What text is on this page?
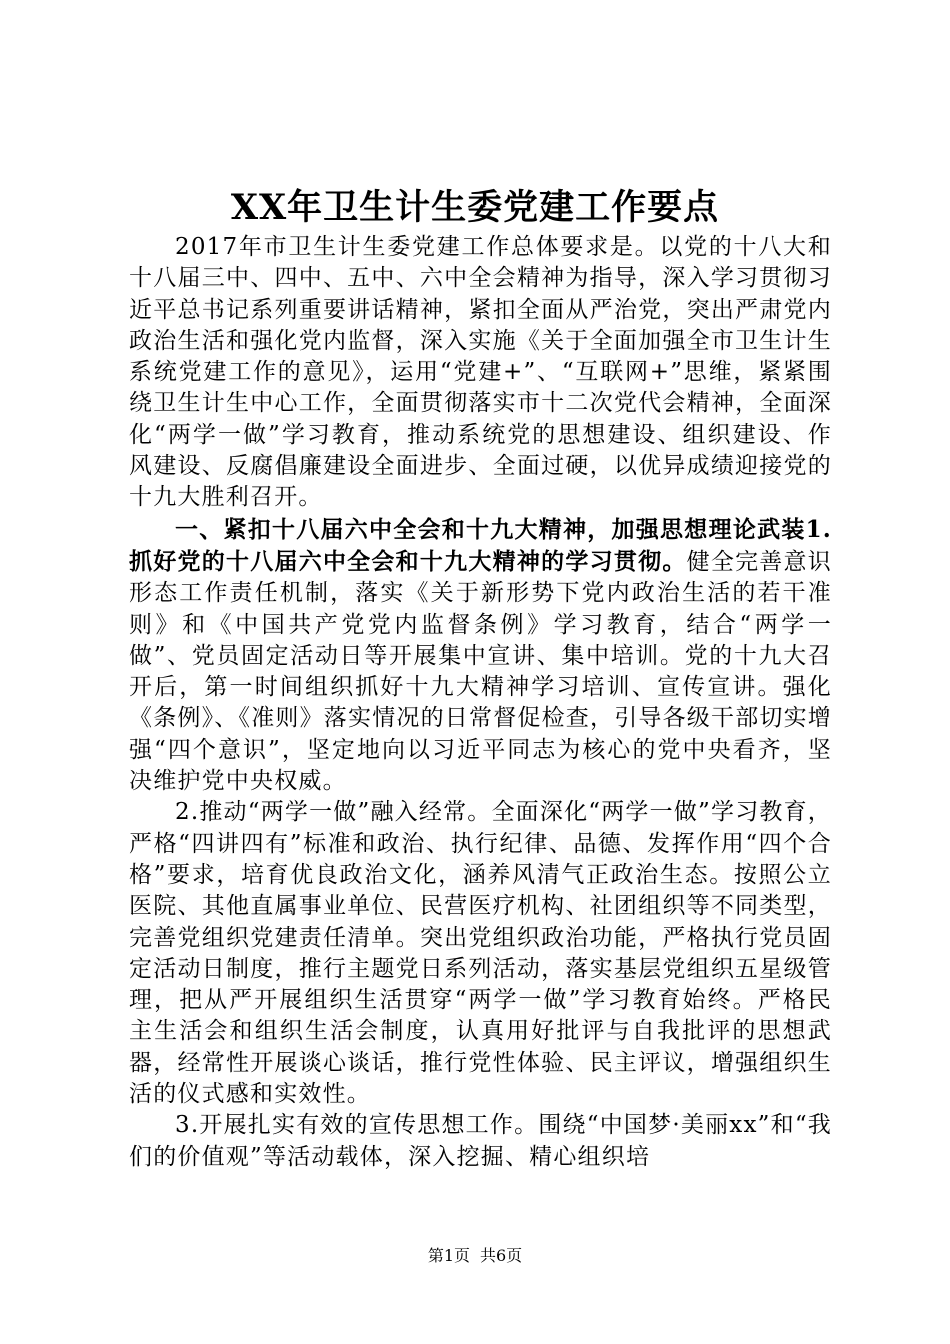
XX年卫生计生委党建工作要点

2017年市卫生计生委党建工作总体要求是。以党的十八大和十八届三中、四中、五中、六中全会精神为指导，深入学习贯彻习近平总书记系列重要讲话精神，紧扣全面从严治党，突出严肃党内政治生活和强化党内监督，深入实施《关于全面加强全市卫生计生系统党建工作的意见》，运用“党建+”、“互联网+”思维，紧紧围绕卫生计生中心工作，全面贯彻落实市十二次党代会精神，全面深化“两学一做”学习教育，推动系统党的思想建设、组织建设、作风建设、反腐倡廉建设全面进步、全面过硬，以优异成绩迎接党的十九大胜利召开。

一、紧扣十八届六中全会和十九大精神，加强思想理论武装1.抓好党的十八届六中全会和十九大精神的学习贯彻。健全完善意识形态工作责任机制，落实《关于新形势下党内政治生活的若干准则》和《中国共产党党内监督条例》学习教育，结合“两学一做”、党员固定活动日等开展集中宣讲、集中培训。党的十九大召开后，第一时间组织抓好十九大精神学习培训、宣传宣讲。强化《条例》、《准则》落实情况的日常督促检查，引导各级干部切实增强“四个意识”，坚定地向以习近平同志为核心的党中央看齐，坚决维护党中央权威。

2.推动“两学一做”融入经常。全面深化“两学一做”学习教育，严格“四讲四有”标准和政治、执行纪律、品德、发挥作用“四个合格”要求，培育优良政治文化，涵养风清气正政治生态。按照公立医院、其他直属事业单位、民营医疗机构、社团组织等不同类型，完善党组织党建责任清单。突出党组织政治功能，严格执行党员固定活动日制度，推行主题党日系列活动，落实基层党组织五星级管理，把从严开展组织生活贯穿“两学一做”学习教育始终。严格民主生活会和组织生活会制度，认真用好批评与自我批评的思想武器，经常性开展谈心谈话，推行党性体验、民主评议，增强组织生活的仪式感和实效性。

3.开展扎实有效的宣传思想工作。围绕“中国梦·美丽xx”和“我们的价值观”等活动载体，深入挖掘、精心组织培

第1页 共6页
